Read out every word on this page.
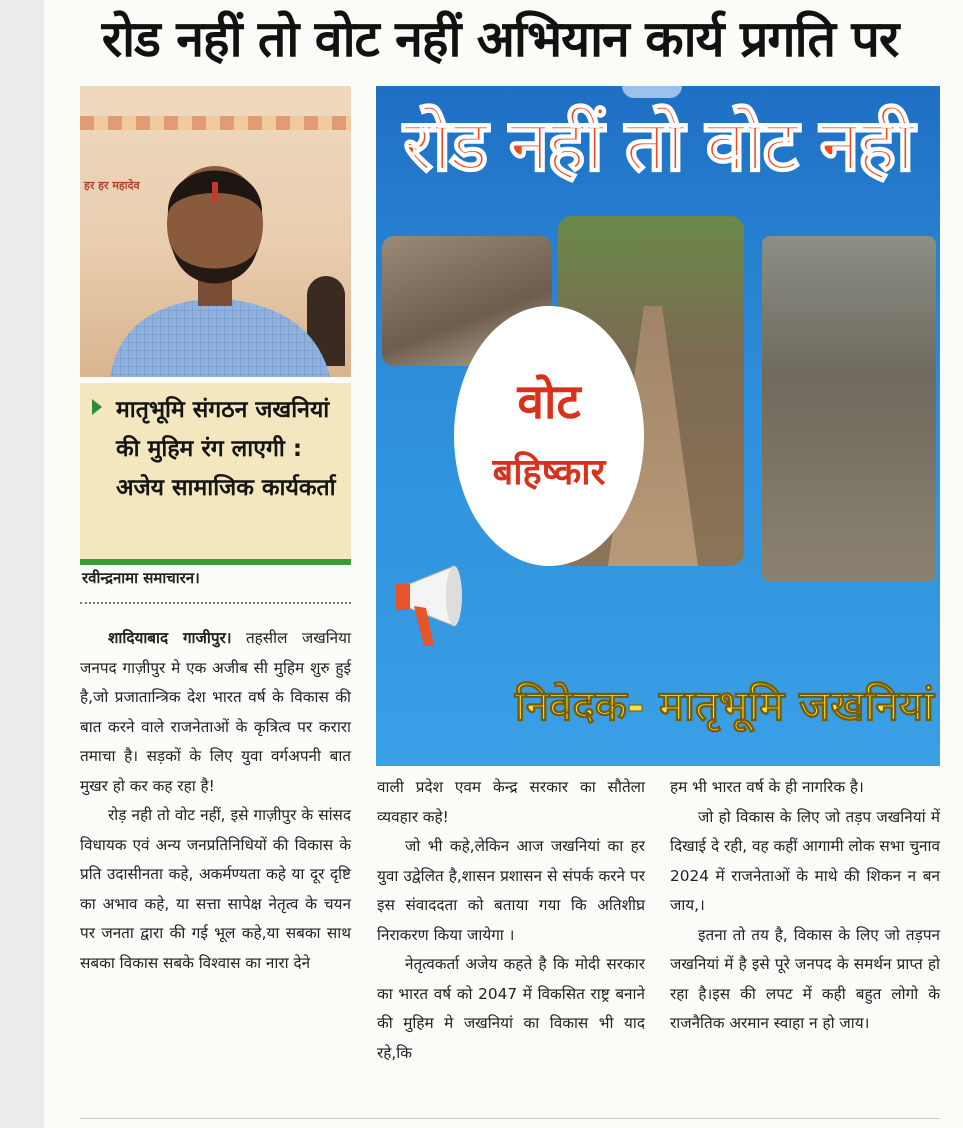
रोड नहीं तो वोट नहीं अभियान कार्य प्रगति पर
हर हर महादेव
मातृभूमि संगठन जखनियां की मुहिम रंग लाएगी : अजेय सामाजिक कार्यकर्ता
रवीन्द्रनामा समाचारन।

शादियाबाद गाजीपुर। तहसील जखनिया जनपद गाज़ीपुर मे एक अजीब सी मुहिम शुरु हुई है,जो प्रजातान्त्रिक देश भारत वर्ष के विकास की बात करने वाले राजनेताओं के कृत्रित्व पर करारा तमाचा है। सड़कों के लिए युवा वर्गअपनी बात मुखर हो कर कह रहा है!

रोड़ नही तो वोट नहीं, इसे गाज़ीपुर के सांसद विधायक एवं अन्य जनप्रतिनिधियों की विकास के प्रति उदासीनता कहे, अकर्मण्यता कहे या दूर दृष्टि का अभाव कहे, या सत्ता सापेक्ष नेतृत्व के चयन पर जनता द्वारा की गई भूल कहे,या सबका साथ सबका विकास सबके विश्वास का नारा देने

रोड नहीं तो वोट नही
वोट
बहिष्कार
निवेदक- मातृभूमि जखनियां

वाली प्रदेश एवम केन्द्र सरकार का सौतेला व्यवहार कहे!

जो भी कहे,लेकिन आज जखनियां का हर युवा उद्वेलित है,शासन प्रशासन से संपर्क करने पर इस संवाददता को बताया गया कि अतिशीघ्र निराकरण किया जायेगा ।

नेतृत्वकर्ता अजेय कहते है कि मोदी सरकार का भारत वर्ष को 2047 में विकसित राष्ट्र बनाने की मुहिम मे जखनियां का विकास भी याद रहे,कि

हम भी भारत वर्ष के ही नागरिक है।

जो हो विकास के लिए जो तड़प जखनियां में दिखाई दे रही, वह कहीं आगामी लोक सभा चुनाव 2024 में राजनेताओं के माथे की शिकन न बन जाय,।

इतना तो तय है, विकास के लिए जो तड़पन जखनियां में है इसे पूरे जनपद के समर्थन प्राप्त हो रहा है।इस की लपट में कही बहुत लोगो के राजनैतिक अरमान स्वाहा न हो जाय।
